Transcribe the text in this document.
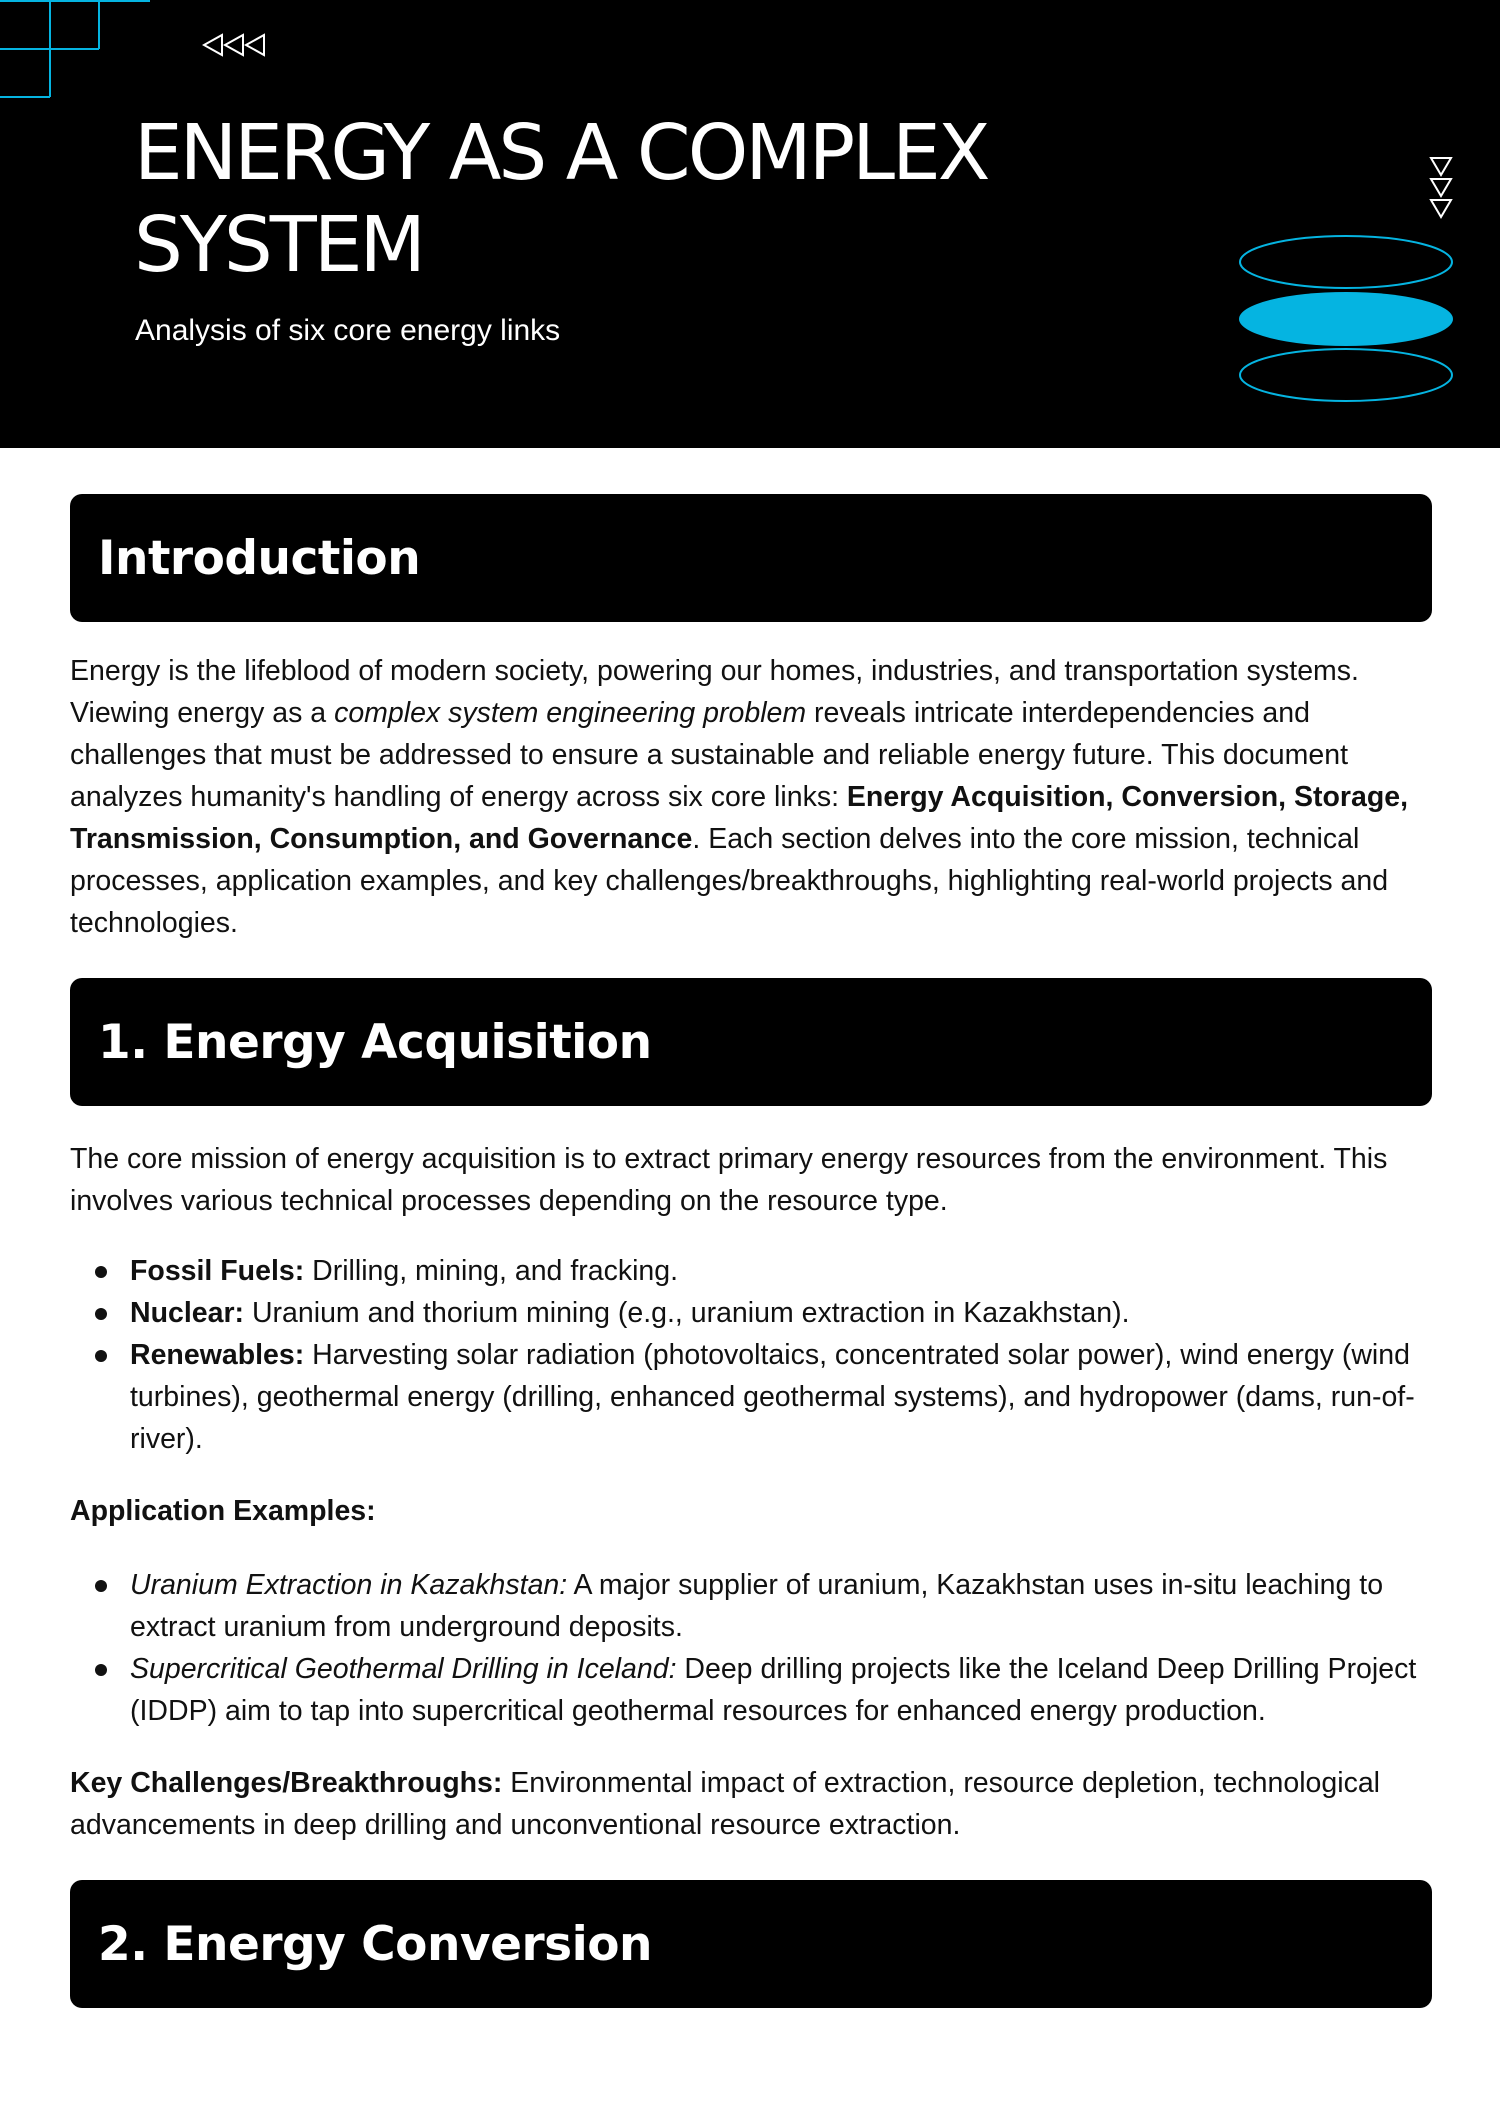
ENERGY AS A COMPLEX SYSTEM

Analysis of six core energy links

Introduction

Energy is the lifeblood of modern society, powering our homes, industries, and transportation systems. Viewing energy as a complex system engineering problem reveals intricate interdependencies and challenges that must be addressed to ensure a sustainable and reliable energy future. This document analyzes humanity's handling of energy across six core links: Energy Acquisition, Conversion, Storage, Transmission, Consumption, and Governance. Each section delves into the core mission, technical processes, application examples, and key challenges/breakthroughs, highlighting real-world projects and technologies.

1. Energy Acquisition

The core mission of energy acquisition is to extract primary energy resources from the environment. This involves various technical processes depending on the resource type.

Fossil Fuels: Drilling, mining, and fracking.
Nuclear: Uranium and thorium mining (e.g., uranium extraction in Kazakhstan).
Renewables: Harvesting solar radiation (photovoltaics, concentrated solar power), wind energy (wind turbines), geothermal energy (drilling, enhanced geothermal systems), and hydropower (dams, run-of-river).

Application Examples:

Uranium Extraction in Kazakhstan: A major supplier of uranium, Kazakhstan uses in-situ leaching to extract uranium from underground deposits.
Supercritical Geothermal Drilling in Iceland: Deep drilling projects like the Iceland Deep Drilling Project (IDDP) aim to tap into supercritical geothermal resources for enhanced energy production.

Key Challenges/Breakthroughs: Environmental impact of extraction, resource depletion, technological advancements in deep drilling and unconventional resource extraction.

2. Energy Conversion
